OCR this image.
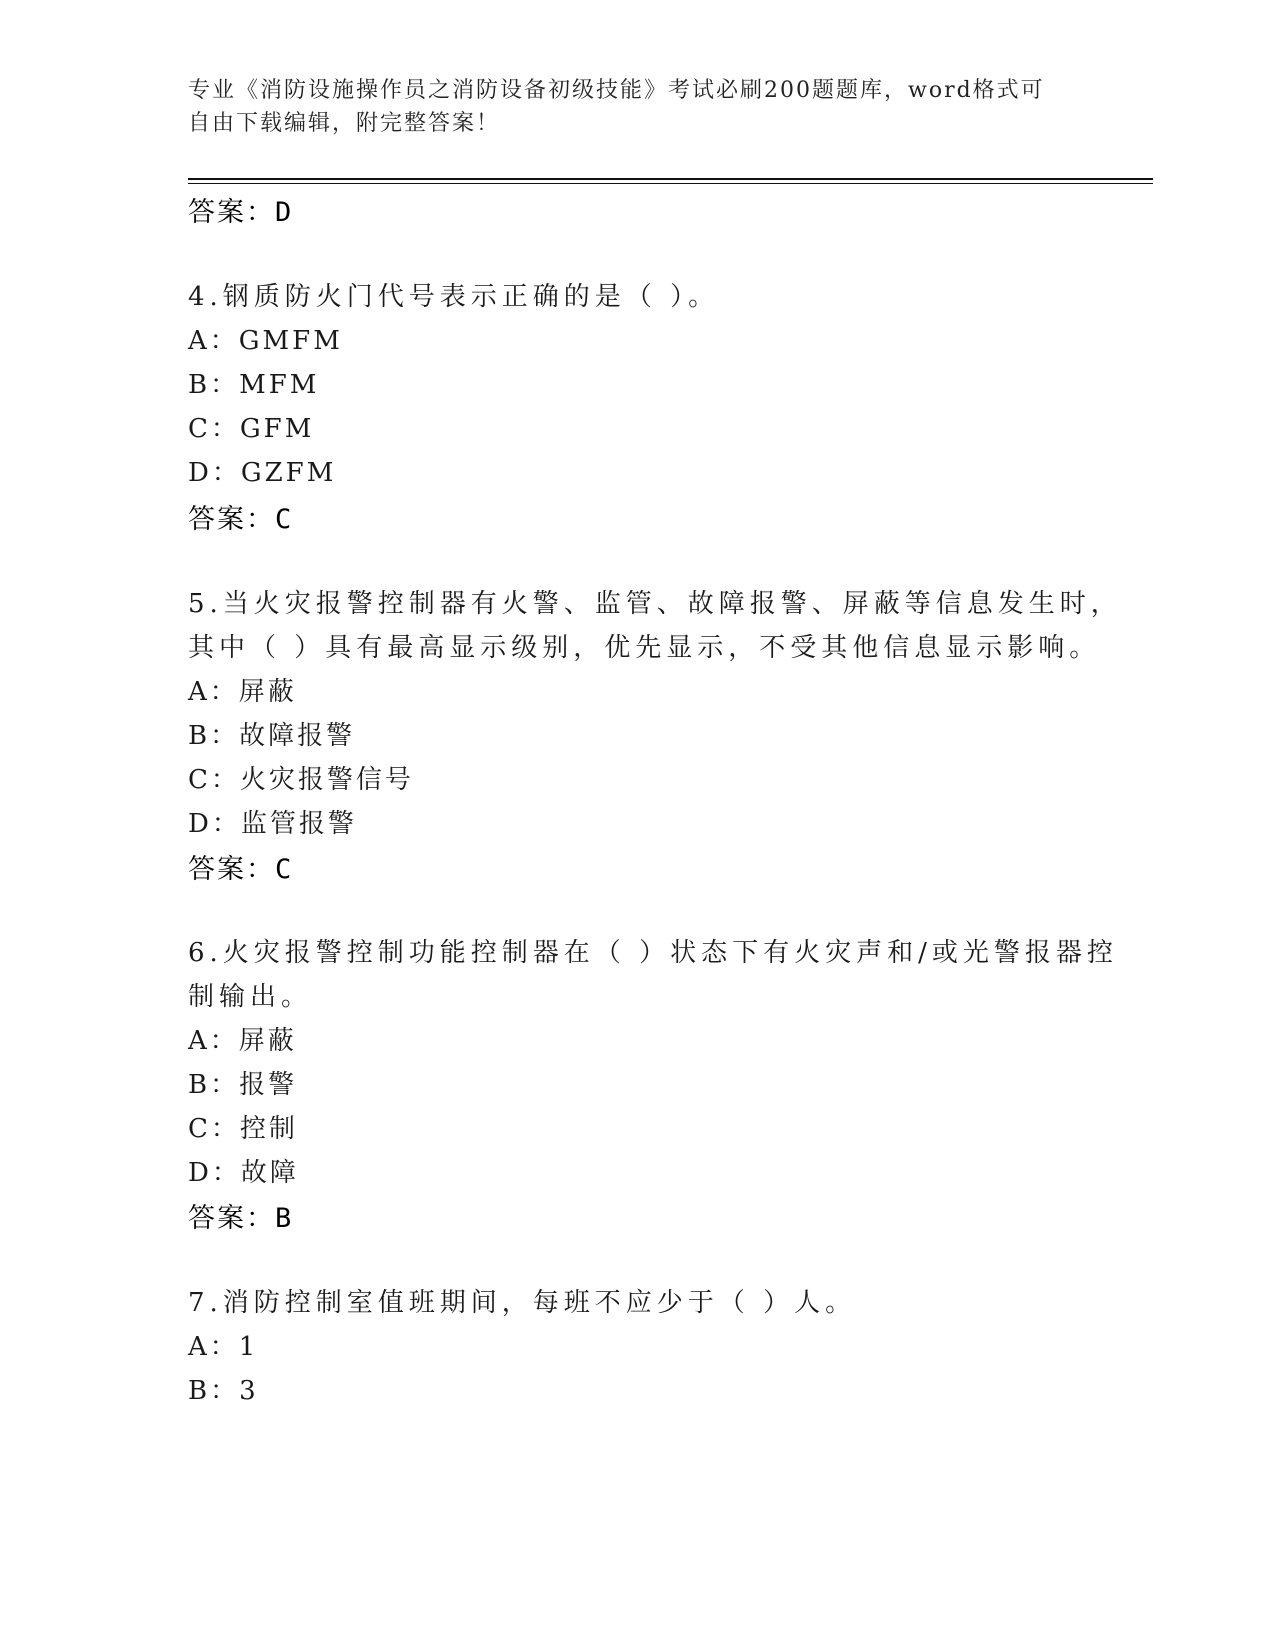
专业《消防设施操作员之消防设备初级技能》考试必刷200题题库，word格式可
自由下载编辑，附完整答案！
答案：D
4.钢质防火门代号表示正确的是（ ）。
A：GMFM
B：MFM
C：GFM
D：GZFM
答案：C
5.当火灾报警控制器有火警、监管、故障报警、屏蔽等信息发生时，
其中（ ）具有最高显示级别，优先显示，不受其他信息显示影响。
A：屏蔽
B：故障报警
C：火灾报警信号
D：监管报警
答案：C
6.火灾报警控制功能控制器在（ ）状态下有火灾声和/或光警报器控
制输出。
A：屏蔽
B：报警
C：控制
D：故障
答案：B
7.消防控制室值班期间，每班不应少于（ ）人。
A：1
B：3
